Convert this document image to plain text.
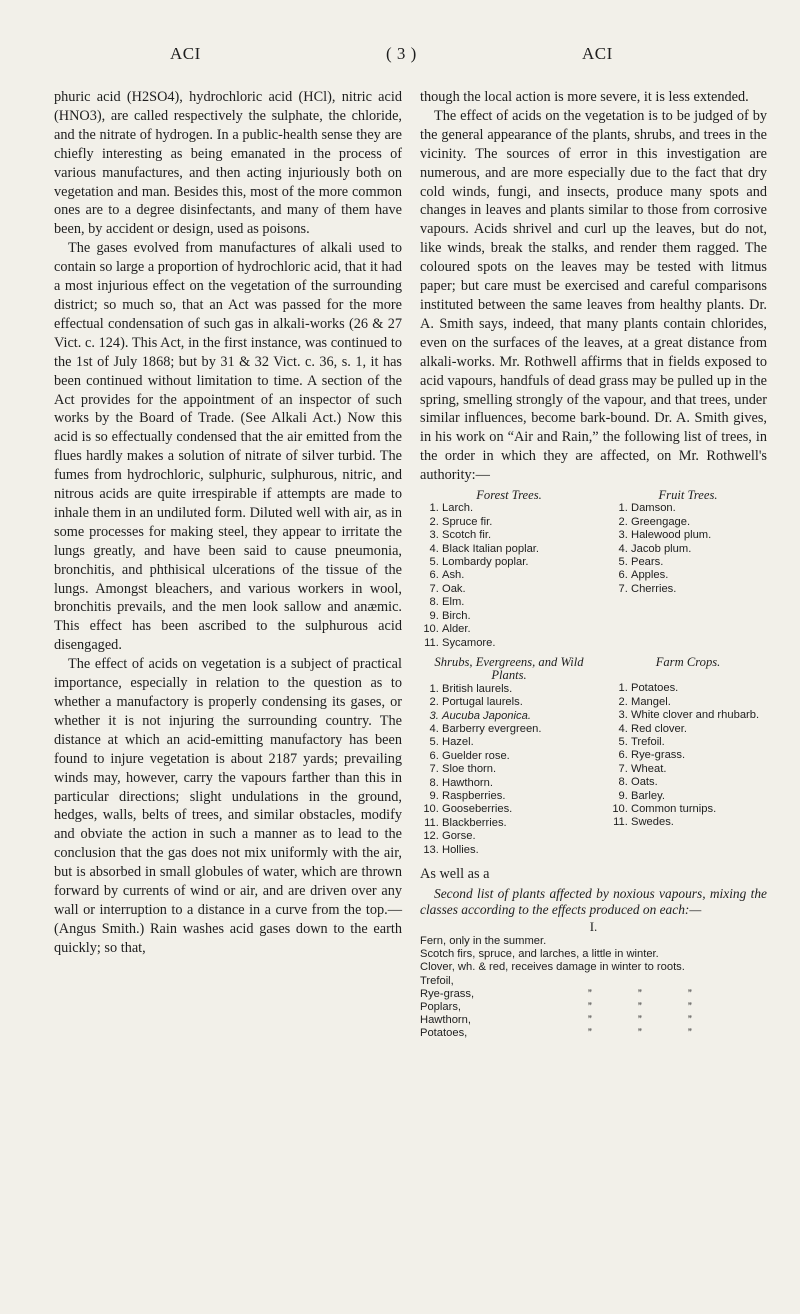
ACI	( 3 )	ACI

phuric acid (H2SO4), hydrochloric acid (HCl), nitric acid (HNO3), are called respectively the sulphate, the chloride, and the nitrate of hydrogen. In a public-health sense they are chiefly interesting as being emanated in the process of various manufactures, and then acting injuriously both on vegetation and man. Besides this, most of the more common ones are to a degree disinfectants, and many of them have been, by accident or design, used as poisons.

The gases evolved from manufactures of alkali used to contain so large a proportion of hydrochloric acid, that it had a most injurious effect on the vegetation of the surrounding district; so much so, that an Act was passed for the more effectual condensation of such gas in alkali-works (26 & 27 Vict. c. 124). This Act, in the first instance, was continued to the 1st of July 1868; but by 31 & 32 Vict. c. 36, s. 1, it has been continued without limitation to time. A section of the Act provides for the appointment of an inspector of such works by the Board of Trade. (See Alkali Act.) Now this acid is so effectually condensed that the air emitted from the flues hardly makes a solution of nitrate of silver turbid. The fumes from hydrochloric, sulphuric, sulphurous, nitric, and nitrous acids are quite irrespirable if attempts are made to inhale them in an undiluted form. Diluted well with air, as in some processes for making steel, they appear to irritate the lungs greatly, and have been said to cause pneumonia, bronchitis, and phthisical ulcerations of the tissue of the lungs. Amongst bleachers, and various workers in wool, bronchitis prevails, and the men look sallow and anæmic. This effect has been ascribed to the sulphurous acid disengaged.

The effect of acids on vegetation is a subject of practical importance, especially in relation to the question as to whether a manufactory is properly condensing its gases, or whether it is not injuring the surrounding country. The distance at which an acid-emitting manufactory has been found to injure vegetation is about 2187 yards; prevailing winds may, however, carry the vapours farther than this in particular directions; slight undulations in the ground, hedges, walls, belts of trees, and similar obstacles, modify and obviate the action in such a manner as to lead to the conclusion that the gas does not mix uniformly with the air, but is absorbed in small globules of water, which are thrown forward by currents of wind or air, and are driven over any wall or interruption to a distance in a curve from the top.—(Angus Smith.) Rain washes acid gases down to the earth quickly; so that,

though the local action is more severe, it is less extended.

The effect of acids on the vegetation is to be judged of by the general appearance of the plants, shrubs, and trees in the vicinity. The sources of error in this investigation are numerous, and are more especially due to the fact that dry cold winds, fungi, and insects, produce many spots and changes in leaves and plants similar to those from corrosive vapours. Acids shrivel and curl up the leaves, but do not, like winds, break the stalks, and render them ragged. The coloured spots on the leaves may be tested with litmus paper; but care must be exercised and careful comparisons instituted between the same leaves from healthy plants. Dr. A. Smith says, indeed, that many plants contain chlorides, even on the surfaces of the leaves, at a great distance from alkali-works. Mr. Rothwell affirms that in fields exposed to acid vapours, handfuls of dead grass may be pulled up in the spring, smelling strongly of the vapour, and that trees, under similar influences, become bark-bound. Dr. A. Smith gives, in his work on “Air and Rain,” the following list of trees, in the order in which they are affected, on Mr. Rothwell's authority:—

Forest Trees.
1. Larch.
2. Spruce fir.
3. Scotch fir.
4. Black Italian poplar.
5. Lombardy poplar.
6. Ash.
7. Oak.
8. Elm.
9. Birch.
10. Alder.
11. Sycamore.
Fruit Trees.
1. Damson.
2. Greengage.
3. Halewood plum.
4. Jacob plum.
5. Pears.
6. Apples.
7. Cherries.
Shrubs, Evergreens, and Wild Plants.
1. British laurels.
2. Portugal laurels.
3. Aucuba Japonica.
4. Barberry evergreen.
5. Hazel.
6. Guelder rose.
7. Sloe thorn.
8. Hawthorn.
9. Raspberries.
10. Gooseberries.
11. Blackberries.
12. Gorse.
13. Hollies.
Farm Crops.
1. Potatoes.
2. Mangel.
3. White clover and rhubarb.
4. Red clover.
5. Trefoil.
6. Rye-grass.
7. Wheat.
8. Oats.
9. Barley.
10. Common turnips.
11. Swedes.

As well as a

Second list of plants affected by noxious vapours, mixing the classes according to the effects produced on each:—

I.
Fern, only in the summer.
Scotch firs, spruce, and larches, a little in winter.
Clover, wh. & red, receives damage in winter to roots.
Trefoil,
Rye-grass,	”	”	”
Poplars,	”	”	”
Hawthorn,	”	”	”
Potatoes,	”	”	”
